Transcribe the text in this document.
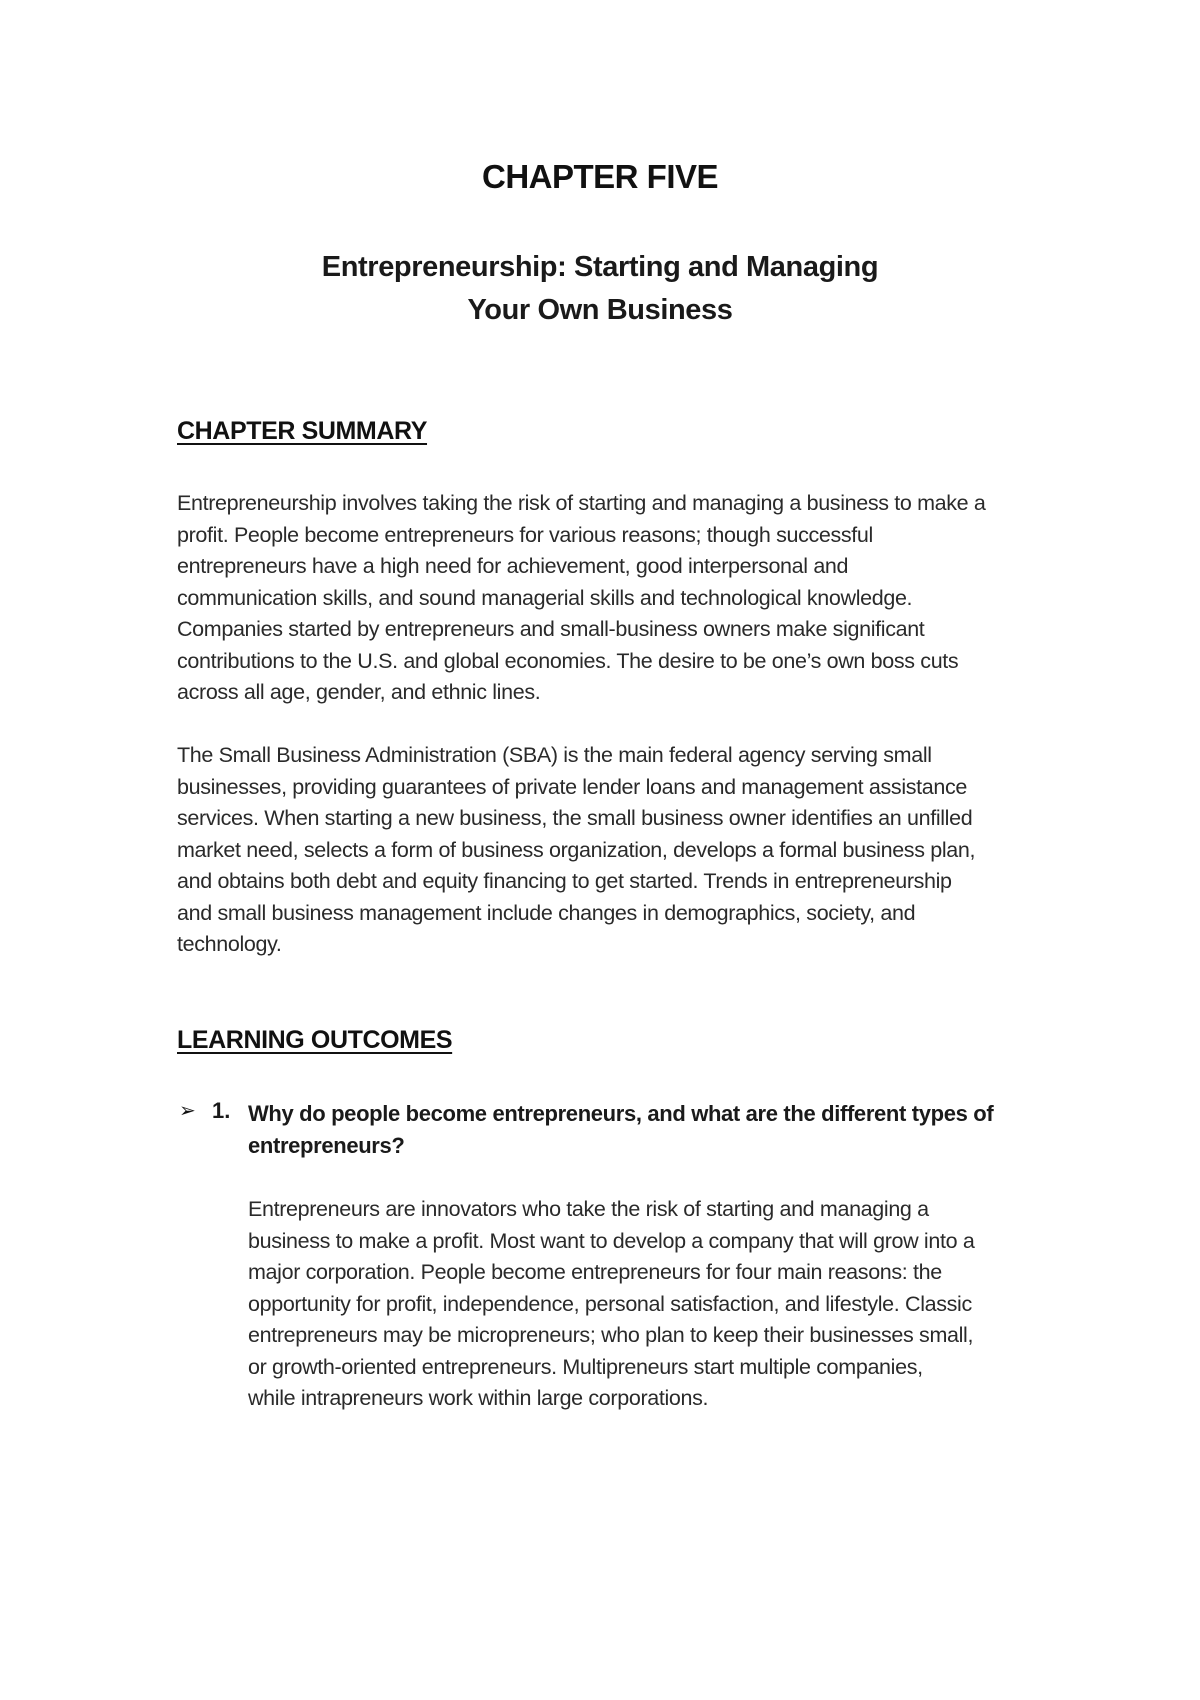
CHAPTER FIVE
Entrepreneurship: Starting and Managing
Your Own Business
CHAPTER SUMMARY
Entrepreneurship involves taking the risk of starting and managing a business to make a
profit. People become entrepreneurs for various reasons; though successful
entrepreneurs have a high need for achievement, good interpersonal and
communication skills, and sound managerial skills and technological knowledge.
Companies started by entrepreneurs and small-business owners make significant
contributions to the U.S. and global economies. The desire to be one’s own boss cuts
across all age, gender, and ethnic lines.
The Small Business Administration (SBA) is the main federal agency serving small
businesses, providing guarantees of private lender loans and management assistance
services. When starting a new business, the small business owner identifies an unfilled
market need, selects a form of business organization, develops a formal business plan,
and obtains both debt and equity financing to get started. Trends in entrepreneurship
and small business management include changes in demographics, society, and
technology.
LEARNING OUTCOMES
➢ 1. Why do people become entrepreneurs, and what are the different types of
entrepreneurs?
Entrepreneurs are innovators who take the risk of starting and managing a
business to make a profit. Most want to develop a company that will grow into a
major corporation. People become entrepreneurs for four main reasons: the
opportunity for profit, independence, personal satisfaction, and lifestyle. Classic
entrepreneurs may be micropreneurs; who plan to keep their businesses small,
or growth-oriented entrepreneurs. Multipreneurs start multiple companies,
while intrapreneurs work within large corporations.
